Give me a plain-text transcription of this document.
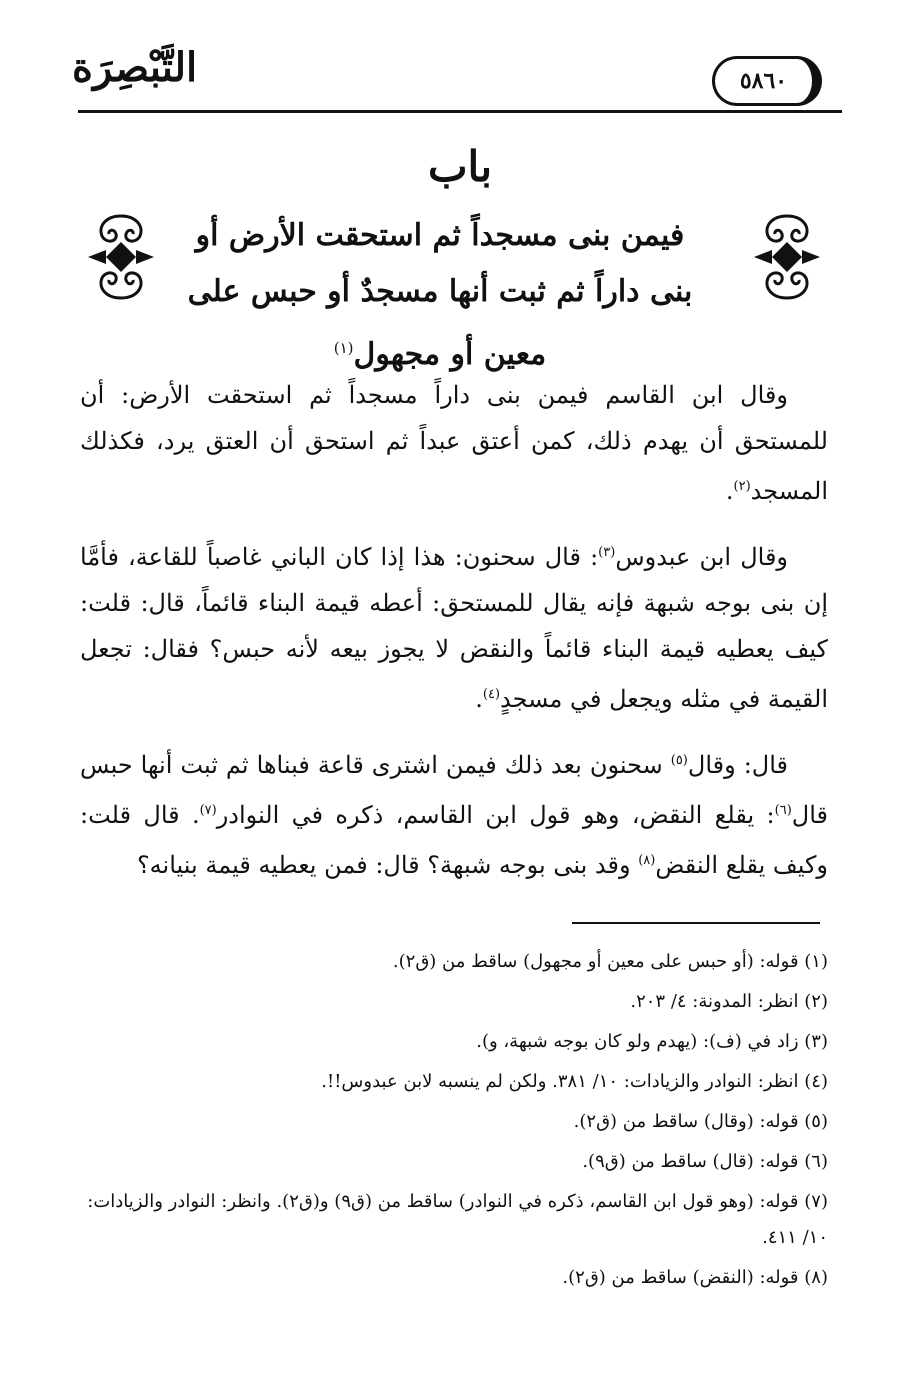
التَّبْصِرَة	٥٨٦٠
باب
فيمن بنى مسجداً ثم استحقت الأرض أو
بنى داراً ثم ثبت أنها مسجدٌ أو حبس على
معين أو مجهول$^{(١)}$

وقال ابن القاسم فيمن بنى داراً مسجداً ثم استحقت الأرض: أن للمستحق أن يهدم ذلك، كمن أعتق عبداً ثم استحق أن العتق يرد، فكذلك المسجد$^{(٢)}$.

وقال ابن عبدوس$^{(٣)}$: قال سحنون: هذا إذا كان الباني غاصباً للقاعة، فأمَّا إن بنى بوجه شبهة فإنه يقال للمستحق: أعطه قيمة البناء قائماً، قال: قلت: كيف يعطيه قيمة البناء قائماً والنقض لا يجوز بيعه لأنه حبس؟ فقال: تجعل القيمة في مثله ويجعل في مسجدٍ$^{(٤)}$.

قال: وقال$^{(٥)}$ سحنون بعد ذلك فيمن اشترى قاعة فبناها ثم ثبت أنها حبس قال$^{(٦)}$: يقلع النقض، وهو قول ابن القاسم، ذكره في النوادر$^{(٧)}$. قال قلت: وكيف يقلع النقض$^{(٨)}$ وقد بنى بوجه شبهة؟ قال: فمن يعطيه قيمة بنيانه؟

(١) قوله: (أو حبس على معين أو مجهول) ساقط من (ق٢).
(٢) انظر: المدونة: ٤/ ٢٠٣.
(٣) زاد في (ف): (يهدم ولو كان بوجه شبهة، و).
(٤) انظر: النوادر والزيادات: ١٠/ ٣٨١. ولكن لم ينسبه لابن عبدوس!!.
(٥) قوله: (وقال) ساقط من (ق٢).
(٦) قوله: (قال) ساقط من (ق٩).
(٧) قوله: (وهو قول ابن القاسم، ذكره في النوادر) ساقط من (ق٩) و(ق٢). وانظر: النوادر والزيادات: ١٠/ ٤١١.
(٨) قوله: (النقض) ساقط من (ق٢).
